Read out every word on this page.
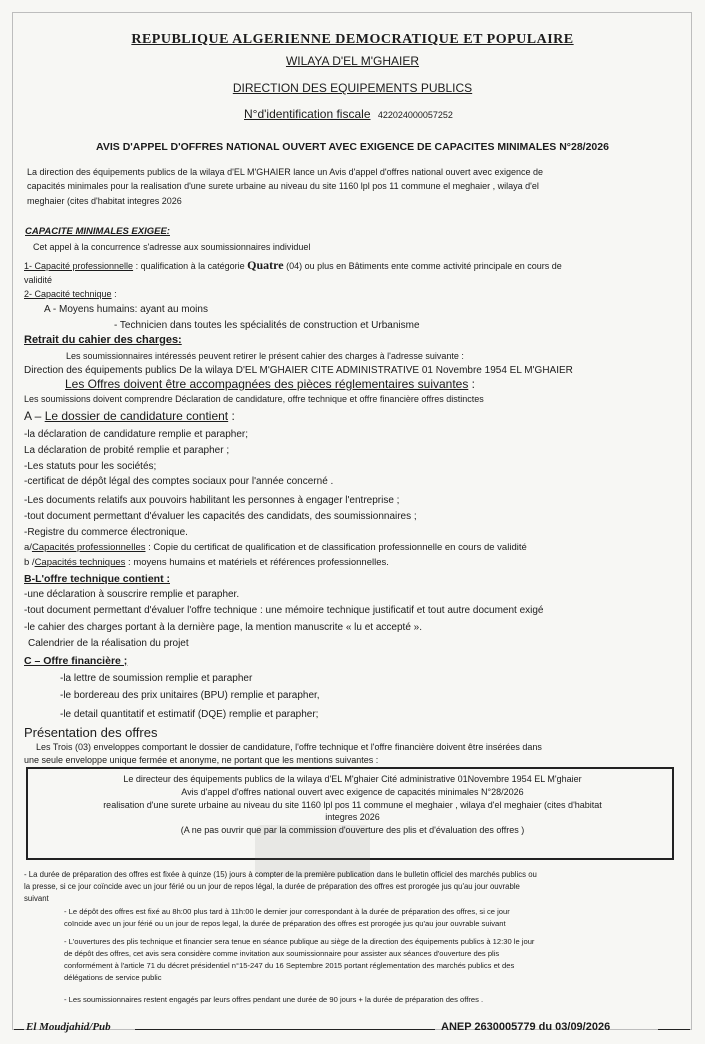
REPUBLIQUE ALGERIENNE DEMOCRATIQUE ET POPULAIRE
WILAYA D'EL M'GHAIER
DIRECTION DES EQUIPEMENTS PUBLICS
N°d'identification fiscale 422024000057252
AVIS D'APPEL D'OFFRES NATIONAL OUVERT AVEC EXIGENCE DE CAPACITES MINIMALES N°28/2026
La direction des équipements publics de la wilaya d'EL M'GHAIER lance un Avis d'appel d'offres national ouvert avec exigence de
capacités minimales pour la realisation d'une surete urbaine au niveau du site 1160 lpl pos 11 commune el meghaier , wilaya d'el
meghaier (cites d'habitat integres 2026
CAPACITE MINIMALES EXIGEE:
Cet appel à la concurrence s'adresse aux soumissionnaires individuel
1- Capacité professionnelle : qualification à la catégorie Quatre (04) ou plus en Bâtiments ente comme activité principale en cours de
validité
2- Capacité technique :
A - Moyens humains: ayant au moins
- Technicien dans toutes les spécialités de construction et Urbanisme
Retrait du cahier des charges:
Les soumissionnaires intéressés peuvent retirer le présent cahier des charges à l'adresse suivante :
Direction des équipements publics De la wilaya D'EL M'GHAIER CITE ADMINISTRATIVE 01 Novembre 1954 EL M'GHAIER
Les Offres doivent être accompagnées des pièces réglementaires suivantes :
Les soumissions doivent comprendre Déclaration de candidature, offre technique et offre financière offres distinctes
A – Le dossier de candidature contient :
-la déclaration de candidature remplie et parapher;
La déclaration de probité remplie et parapher ;
-Les statuts pour les sociétés;
-certificat de dépôt légal des comptes sociaux pour l'année concerné .
-Les documents relatifs aux pouvoirs habilitant les personnes à engager l'entreprise ;
-tout document permettant d'évaluer les capacités des candidats, des soumissionnaires ;
-Registre du commerce électronique.
a/Capacités professionnelles : Copie du certificat de qualification et de classification professionnelle en cours de validité
b /Capacités techniques : moyens humains et matériels et références professionnelles.
B-L'offre technique contient :
-une déclaration à souscrire remplie et parapher.
-tout document permettant d'évaluer l'offre technique : une mémoire technique justificatif et tout autre document exigé
-le cahier des charges portant à la dernière page, la mention manuscrite « lu et accepté ».
Calendrier de la réalisation du projet
C – Offre financière ;
-la lettre de soumission remplie et parapher
-le bordereau des prix unitaires (BPU) remplie et parapher,
-le detail quantitatif et estimatif (DQE) remplie et parapher;
Présentation des offres
Les Trois (03) enveloppes comportant le dossier de candidature, l'offre technique et l'offre financière doivent être insérées dans
une seule enveloppe unique fermée et anonyme, ne portant que les mentions suivantes :
Le directeur des équipements publics de la wilaya d'EL M'ghaier Cité administrative 01Novembre 1954 EL M'ghaier
Avis d'appel d'offres national ouvert avec exigence de capacités minimales N°28/2026
realisation d'une surete urbaine au niveau du site 1160 lpl pos 11 commune el meghaier , wilaya d'el meghaier (cites d'habitat
integres 2026
(A ne pas ouvrir que par la commission d'ouverture des plis et d'évaluation des offres )
- La durée de préparation des offres est fixée à quinze (15) jours à compter de la première publication dans le bulletin officiel des marchés publics ou
la presse, si ce jour coïncide avec un jour férié ou un jour de repos légal, la durée de préparation des offres est prorogée jus qu'au jour ouvrable
suivant
- Le dépôt des offres est fixé au 8h:00 plus tard à 11h:00 le dernier jour correspondant à la durée de préparation des offres, si ce jour
coïncide avec un jour férié ou un jour de repos legal, la durée de préparation des offres est prorogée jus qu'au jour ouvrable suivant
- L'ouvertures des plis technique et financier sera tenue en séance publique au siège de la direction des équipements publics à 12:30 le jour
de dépôt des offres, cet avis sera considère comme invitation aux soumissionnaire pour assister aux séances d'ouverture des plis
conformément à l'article 71 du décret présidentiel n°15-247 du 16 Septembre 2015 portant réglementation des marchés publics et des
délégations de service public
- Les soumissionnaires restent engagés par leurs offres pendant une durée de 90 jours + la durée de préparation des offres .
El Moudjahid/Pub	ANEP 2630005779 du 03/09/2026
